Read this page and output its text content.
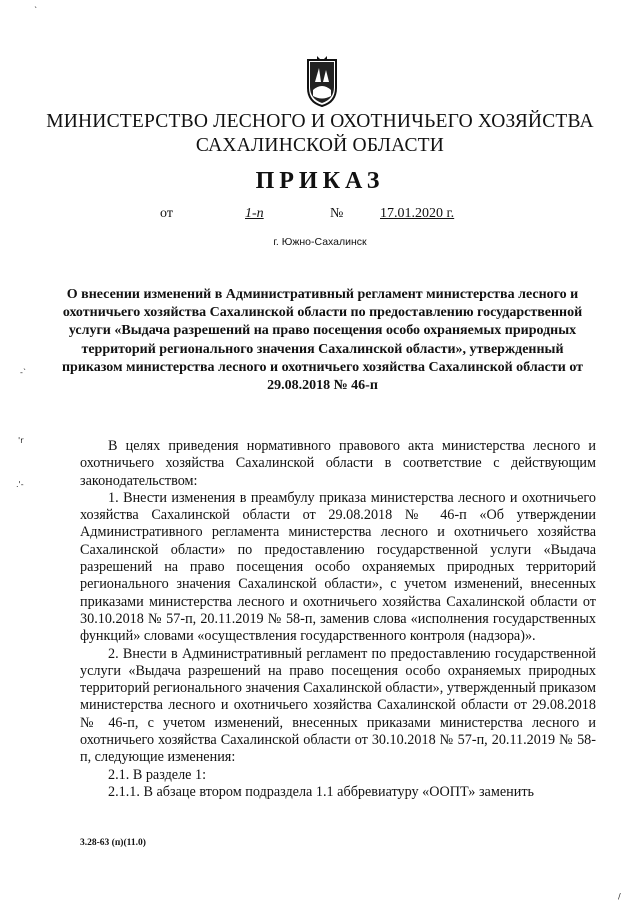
МИНИСТЕРСТВО ЛЕСНОГО И ОХОТНИЧЬЕГО ХОЗЯЙСТВА
САХАЛИНСКОЙ ОБЛАСТИ
ПРИКАЗ
от	1-п	№	17.01.2020 г.
г. Южно-Сахалинск
О внесении изменений в Административный регламент министерства лесного и охотничьего хозяйства Сахалинской области по предоставлению государственной услуги «Выдача разрешений на право посещения особо охраняемых природных территорий регионального значения Сахалинской области», утвержденный приказом министерства лесного и охотничьего хозяйства Сахалинской области от 29.08.2018 № 46-п

В целях приведения нормативного правового акта министерства лесного и охотничьего хозяйства Сахалинской области в соответствие с действующим законодательством:

1. Внести изменения в преамбулу приказа министерства лесного и охотничьего хозяйства Сахалинской области от 29.08.2018 № 46-п «Об утверждении Административного регламента министерства лесного и охотничьего хозяйства Сахалинской области» по предоставлению государственной услуги «Выдача разрешений на право посещения особо охраняемых природных территорий регионального значения Сахалинской области», с учетом изменений, внесенных приказами министерства лесного и охотничьего хозяйства Сахалинской области от 30.10.2018 № 57-п, 20.11.2019 № 58-п, заменив слова «исполнения государственных функций» словами «осуществления государственного контроля (надзора)».

2. Внести в Административный регламент по предоставлению государственной услуги «Выдача разрешений на право посещения особо охраняемых природных территорий регионального значения Сахалинской области», утвержденный приказом министерства лесного и охотничьего хозяйства Сахалинской области от 29.08.2018 № 46-п, с учетом изменений, внесенных приказами министерства лесного и охотничьего хозяйства Сахалинской области от 30.10.2018 № 57-п, 20.11.2019 № 58-п, следующие изменения:

2.1. В разделе 1:

2.1.1. В абзаце втором подраздела 1.1 аббревиатуру «ООПТ» заменить

3.28-63 (п)(11.0)
-`
'r
.'-
`
/
